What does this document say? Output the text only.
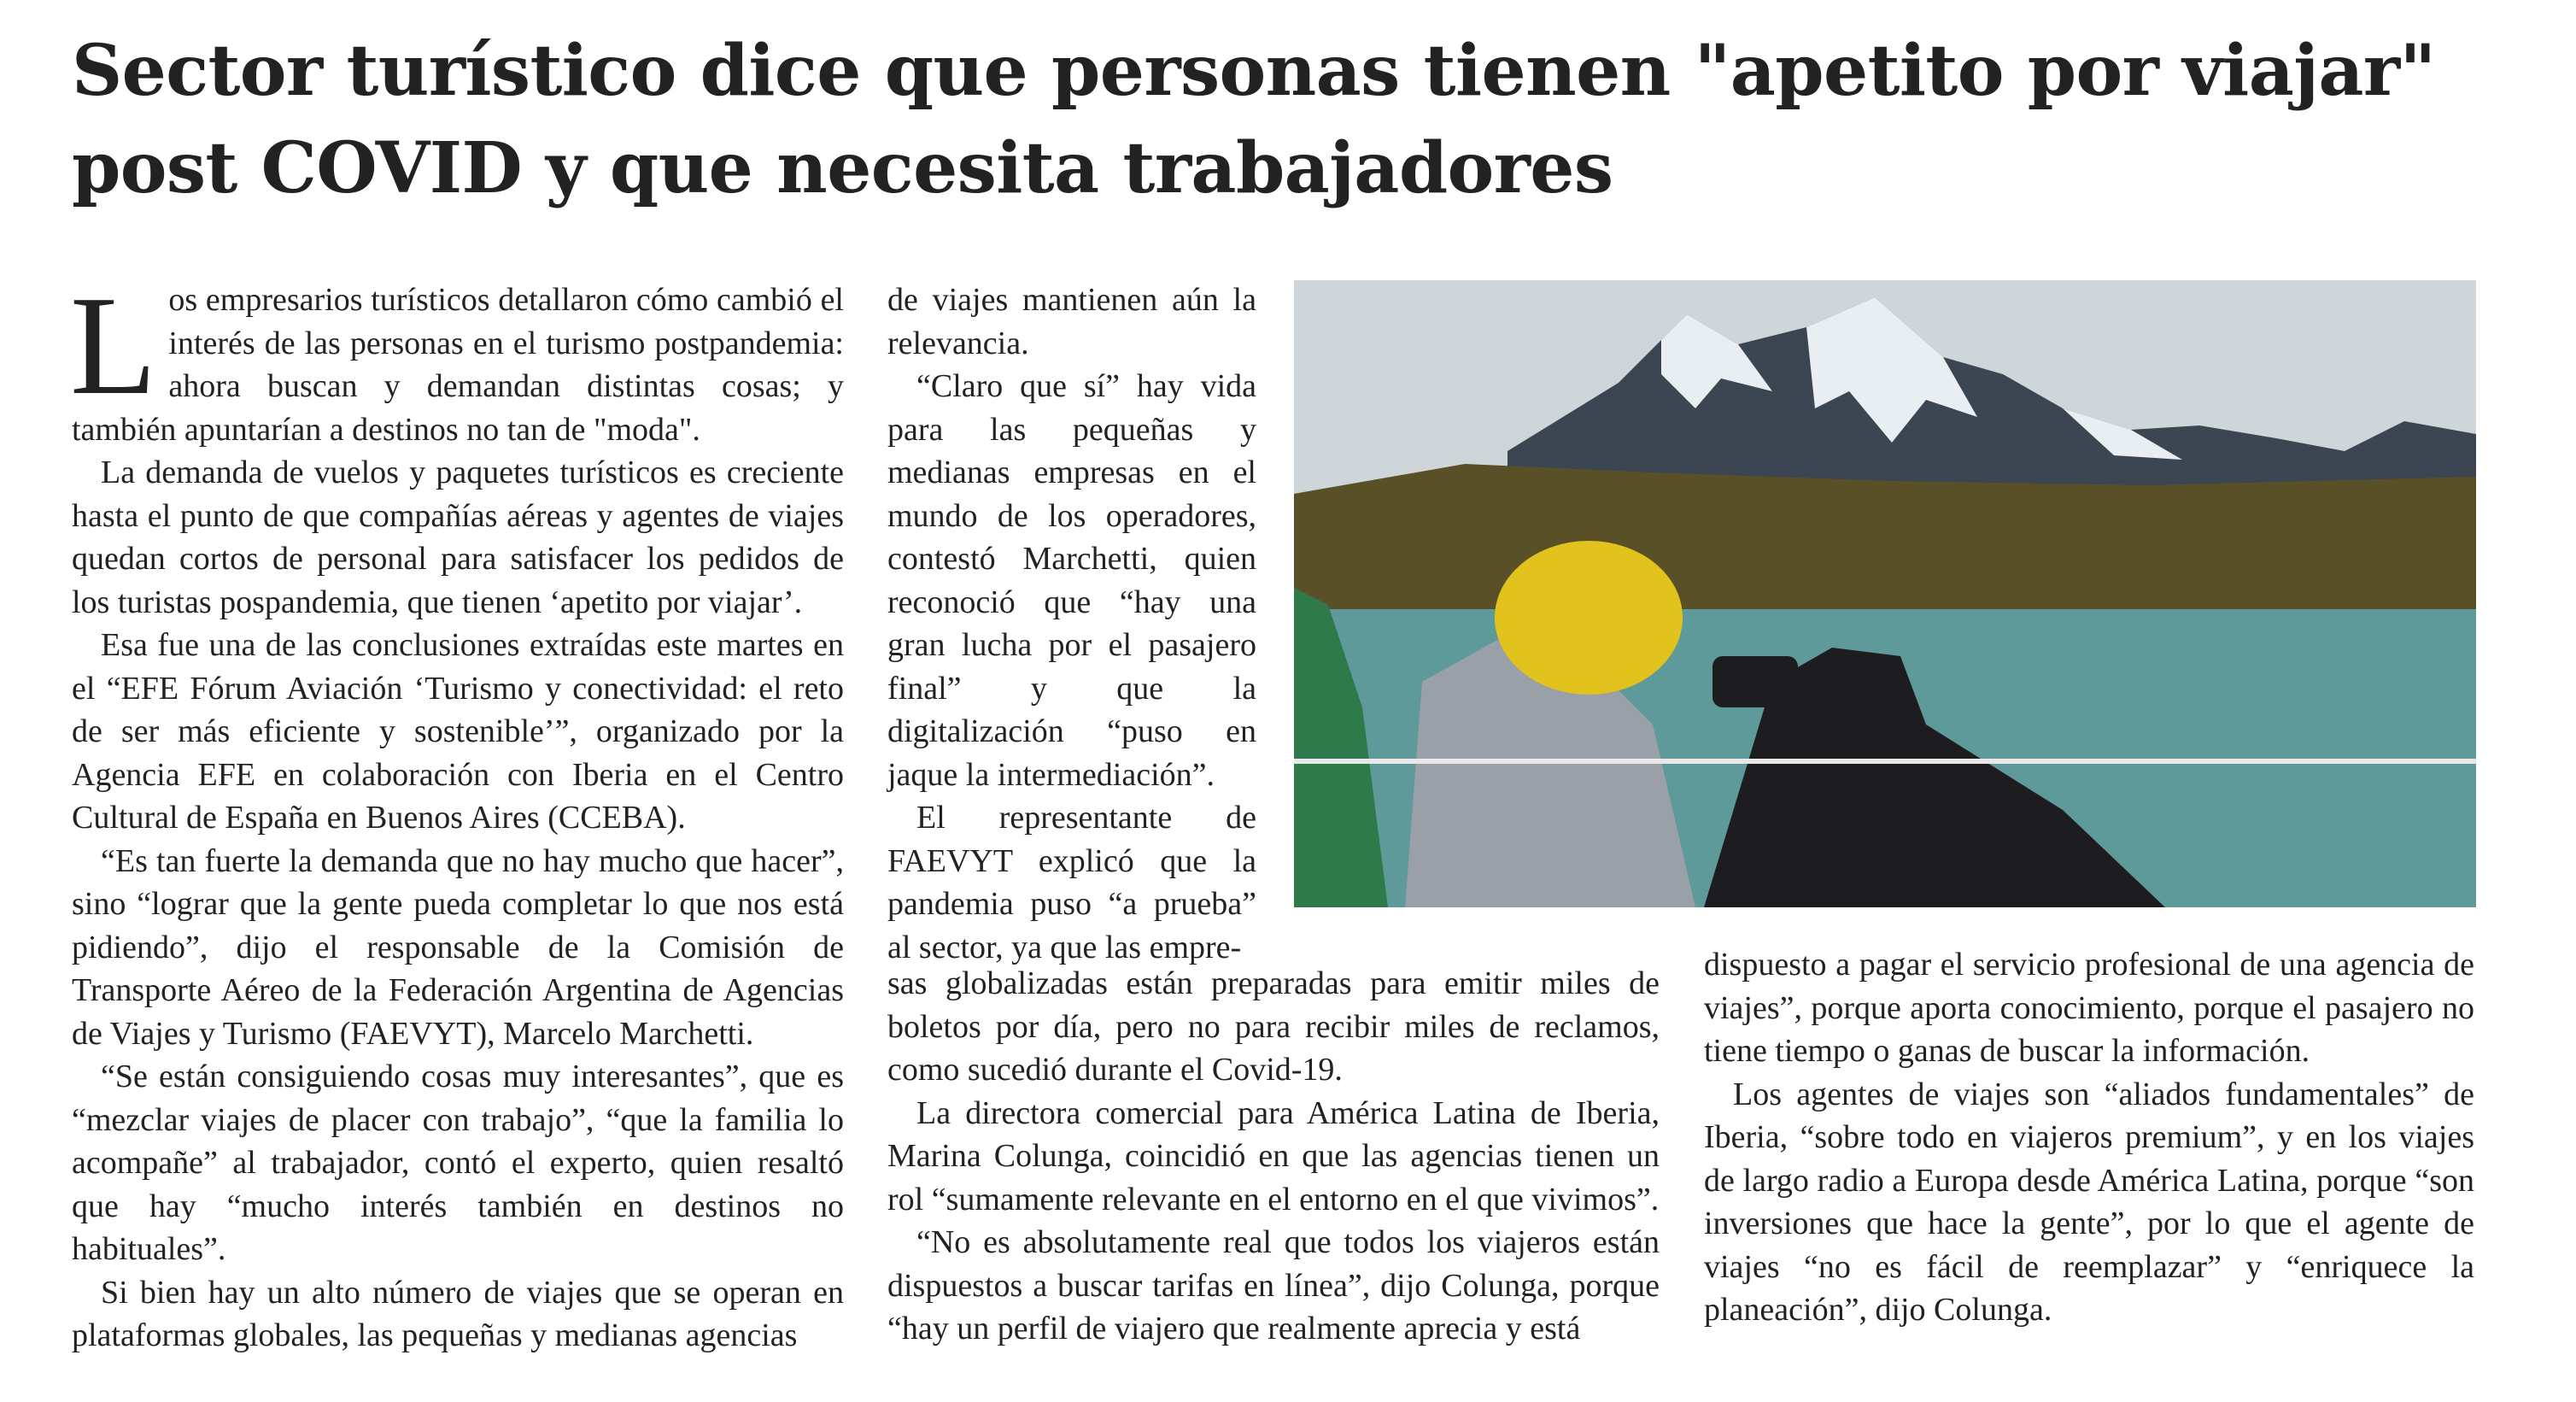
Sector turístico dice que personas tienen "apetito por viajar" post COVID y que necesita trabajadores

Los empresarios turísticos detallaron cómo cambió el interés de las personas en el turismo postpandemia: ahora buscan y demandan distintas cosas; y también apuntarían a destinos no tan de "moda".

La demanda de vuelos y paquetes turísticos es creciente hasta el punto de que compañías aéreas y agentes de viajes quedan cortos de personal para satisfacer los pedidos de los turistas pospandemia, que tienen ‘apetito por viajar’.

Esa fue una de las conclusiones extraídas este martes en el “EFE Fórum Aviación ‘Turismo y conectividad: el reto de ser más eficiente y sostenible’”, organizado por la Agencia EFE en colaboración con Iberia en el Centro Cultural de España en Buenos Aires (CCEBA).

“Es tan fuerte la demanda que no hay mucho que hacer”, sino “lograr que la gente pueda completar lo que nos está pidiendo”, dijo el responsable de la Comisión de Transporte Aéreo de la Federación Argentina de Agencias de Viajes y Turismo (FAEVYT), Marcelo Marchetti.

“Se están consiguiendo cosas muy interesantes”, que es “mezclar viajes de placer con trabajo”, “que la familia lo acompañe” al trabajador, contó el experto, quien resaltó que hay “mucho interés también en destinos no habituales”.

Si bien hay un alto número de viajes que se operan en plataformas globales, las pequeñas y medianas agencias

de viajes mantienen aún la relevancia.

“Claro que sí” hay vida para las pequeñas y medianas empresas en el mundo de los operadores, contestó Marchetti, quien reconoció que “hay una gran lucha por el pasajero final” y que la digitalización “puso en jaque la intermediación”.

El representante de FAEVYT explicó que la pandemia puso “a prueba” al sector, ya que las empre-

sas globalizadas están preparadas para emitir miles de boletos por día, pero no para recibir miles de reclamos, como sucedió durante el Covid-19.

La directora comercial para América Latina de Iberia, Marina Colunga, coincidió en que las agencias tienen un rol “sumamente relevante en el entorno en el que vivimos”.

“No es absolutamente real que todos los viajeros están dispuestos a buscar tarifas en línea”, dijo Colunga, porque “hay un perfil de viajero que realmente aprecia y está

dispuesto a pagar el servicio profesional de una agencia de viajes”, porque aporta conocimiento, porque el pasajero no tiene tiempo o ganas de buscar la información.

Los agentes de viajes son “aliados fundamentales” de Iberia, “sobre todo en viajeros premium”, y en los viajes de largo radio a Europa desde América Latina, porque “son inversiones que hace la gente”, por lo que el agente de viajes “no es fácil de reemplazar” y “enriquece la planeación”, dijo Colunga.
